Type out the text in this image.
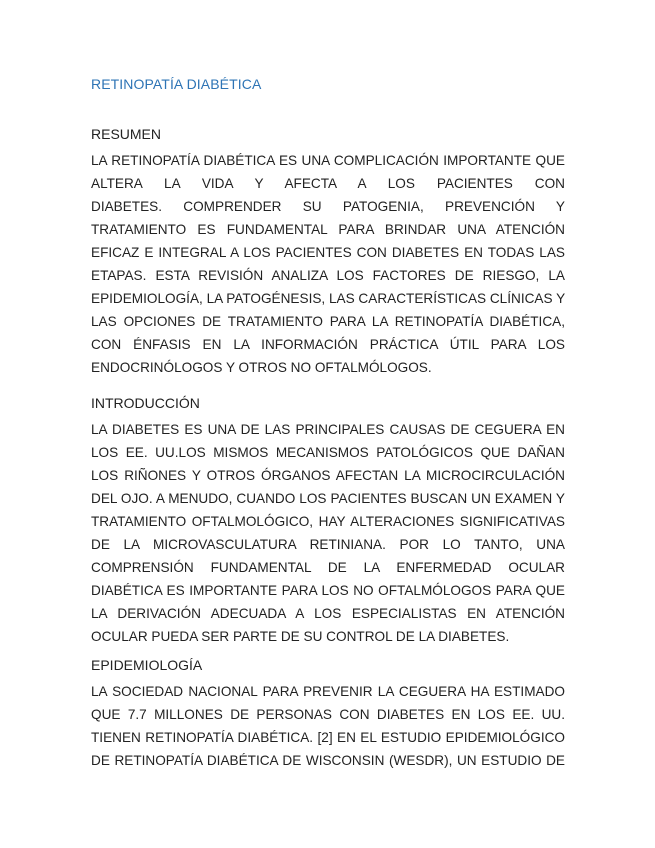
RETINOPATÍA DIABÉTICA
RESUMEN
LA RETINOPATÍA DIABÉTICA ES UNA COMPLICACIÓN IMPORTANTE QUE
ALTERA LA VIDA Y AFECTA A LOS PACIENTES CON
DIABETES. COMPRENDER SU PATOGENIA, PREVENCIÓN Y
TRATAMIENTO ES FUNDAMENTAL PARA BRINDAR UNA ATENCIÓN
EFICAZ E INTEGRAL A LOS PACIENTES CON DIABETES EN TODAS LAS
ETAPAS. ESTA REVISIÓN ANALIZA LOS FACTORES DE RIESGO, LA
EPIDEMIOLOGÍA, LA PATOGÉNESIS, LAS CARACTERÍSTICAS CLÍNICAS Y
LAS OPCIONES DE TRATAMIENTO PARA LA RETINOPATÍA DIABÉTICA,
CON ÉNFASIS EN LA INFORMACIÓN PRÁCTICA ÚTIL PARA LOS
ENDOCRINÓLOGOS Y OTROS NO OFTALMÓLOGOS.
INTRODUCCIÓN
LA DIABETES ES UNA DE LAS PRINCIPALES CAUSAS DE CEGUERA EN
LOS EE. UU.LOS MISMOS MECANISMOS PATOLÓGICOS QUE DAÑAN
LOS RIÑONES Y OTROS ÓRGANOS AFECTAN LA MICROCIRCULACIÓN
DEL OJO. A MENUDO, CUANDO LOS PACIENTES BUSCAN UN EXAMEN Y
TRATAMIENTO OFTALMOLÓGICO, HAY ALTERACIONES SIGNIFICATIVAS
DE LA MICROVASCULATURA RETINIANA. POR LO TANTO, UNA
COMPRENSIÓN FUNDAMENTAL DE LA ENFERMEDAD OCULAR
DIABÉTICA ES IMPORTANTE PARA LOS NO OFTALMÓLOGOS PARA QUE
LA DERIVACIÓN ADECUADA A LOS ESPECIALISTAS EN ATENCIÓN
OCULAR PUEDA SER PARTE DE SU CONTROL DE LA DIABETES.
EPIDEMIOLOGÍA
LA SOCIEDAD NACIONAL PARA PREVENIR LA CEGUERA HA ESTIMADO
QUE 7.7 MILLONES DE PERSONAS CON DIABETES EN LOS EE. UU.
TIENEN RETINOPATÍA DIABÉTICA. [2] EN EL ESTUDIO EPIDEMIOLÓGICO
DE RETINOPATÍA DIABÉTICA DE WISCONSIN (WESDR), UN ESTUDIO DE
